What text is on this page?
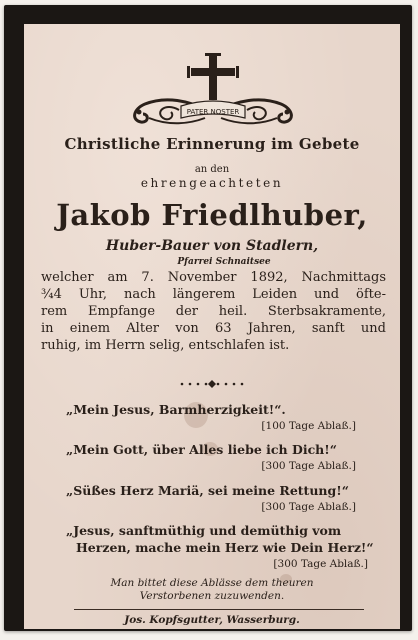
PATER NOSTER
Christliche Erinnerung im Gebete
an den
ehrengeachteten
Jakob Friedlhuber,
Huber-Bauer von Stadlern,
Pfarrei Schnaitsee
welcher am 7. November 1892, Nachmittags
¾4 Uhr, nach längerem Leiden und öfte-
rem Empfange der heil. Sterbsakramente,
in einem Alter von 63 Jahren, sanft und
ruhig, im Herrn selig, entschlafen ist.
„Mein Jesus, Barmherzigkeit!“.
[100 Tage Ablaß.]
„Mein Gott, über Alles liebe ich Dich!“
[300 Tage Ablaß.]
„Süßes Herz Mariä, sei meine Rettung!“
[300 Tage Ablaß.]
„Jesus, sanftmüthig und demüthig vom
Herzen, mache mein Herz wie Dein Herz!“
[300 Tage Ablaß.]
Man bittet diese Ablässe dem theuren
Verstorbenen zuzuwenden.
Jos. Kopfsgutter, Wasserburg.
